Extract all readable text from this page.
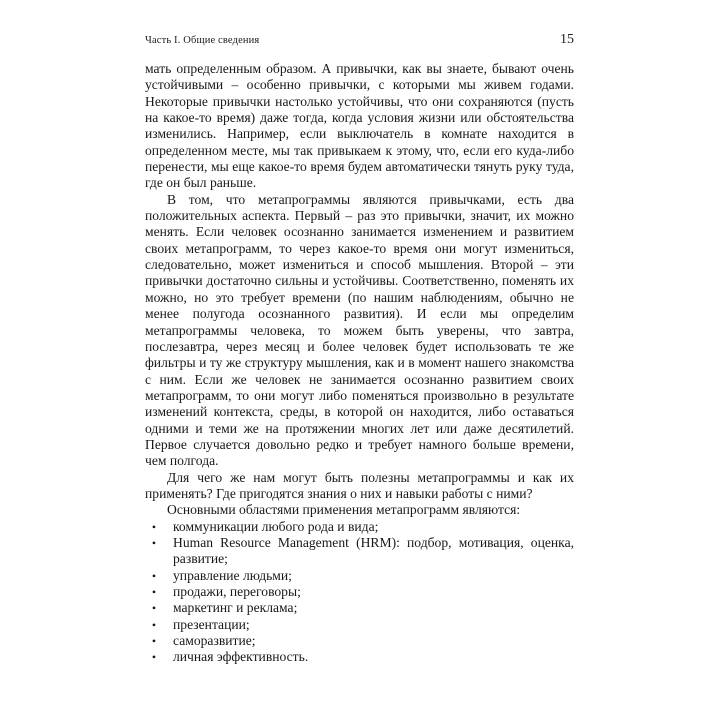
Часть I. Общие сведения	15

мать определенным образом. А привычки, как вы знаете, бывают очень устойчивыми – особенно привычки, с которыми мы живем годами. Некоторые привычки настолько устойчивы, что они сохраняются (пусть на какое-то время) даже тогда, когда условия жизни или обстоятельства изменились. Например, если выключатель в комнате находится в определенном месте, мы так привыкаем к этому, что, если его куда-либо перенести, мы еще какое-то время будем автоматически тянуть руку туда, где он был раньше.

В том, что метапрограммы являются привычками, есть два положительных аспекта. Первый – раз это привычки, значит, их можно менять. Если человек осознанно занимается изменением и развитием своих метапрограмм, то через какое-то время они могут измениться, следовательно, может измениться и способ мышления. Второй – эти привычки достаточно сильны и устойчивы. Соответственно, поменять их можно, но это требует времени (по нашим наблюдениям, обычно не менее полугода осознанного развития). И если мы определим метапрограммы человека, то можем быть уверены, что завтра, послезавтра, через месяц и более человек будет использовать те же фильтры и ту же структуру мышления, как и в момент нашего знакомства с ним. Если же человек не занимается осознанно развитием своих метапрограмм, то они могут либо поменяться произвольно в результате изменений контекста, среды, в которой он находится, либо оставаться одними и теми же на протяжении многих лет или даже десятилетий. Первое случается довольно редко и требует намного больше времени, чем полгода.

Для чего же нам могут быть полезны метапрограммы и как их применять? Где пригодятся знания о них и навыки работы с ними?

Основными областями применения метапрограмм являются:

• коммуникации любого рода и вида;
• Human Resource Management (HRM): подбор, мотивация, оценка, развитие;
• управление людьми;
• продажи, переговоры;
• маркетинг и реклама;
• презентации;
• саморазвитие;
• личная эффективность.
